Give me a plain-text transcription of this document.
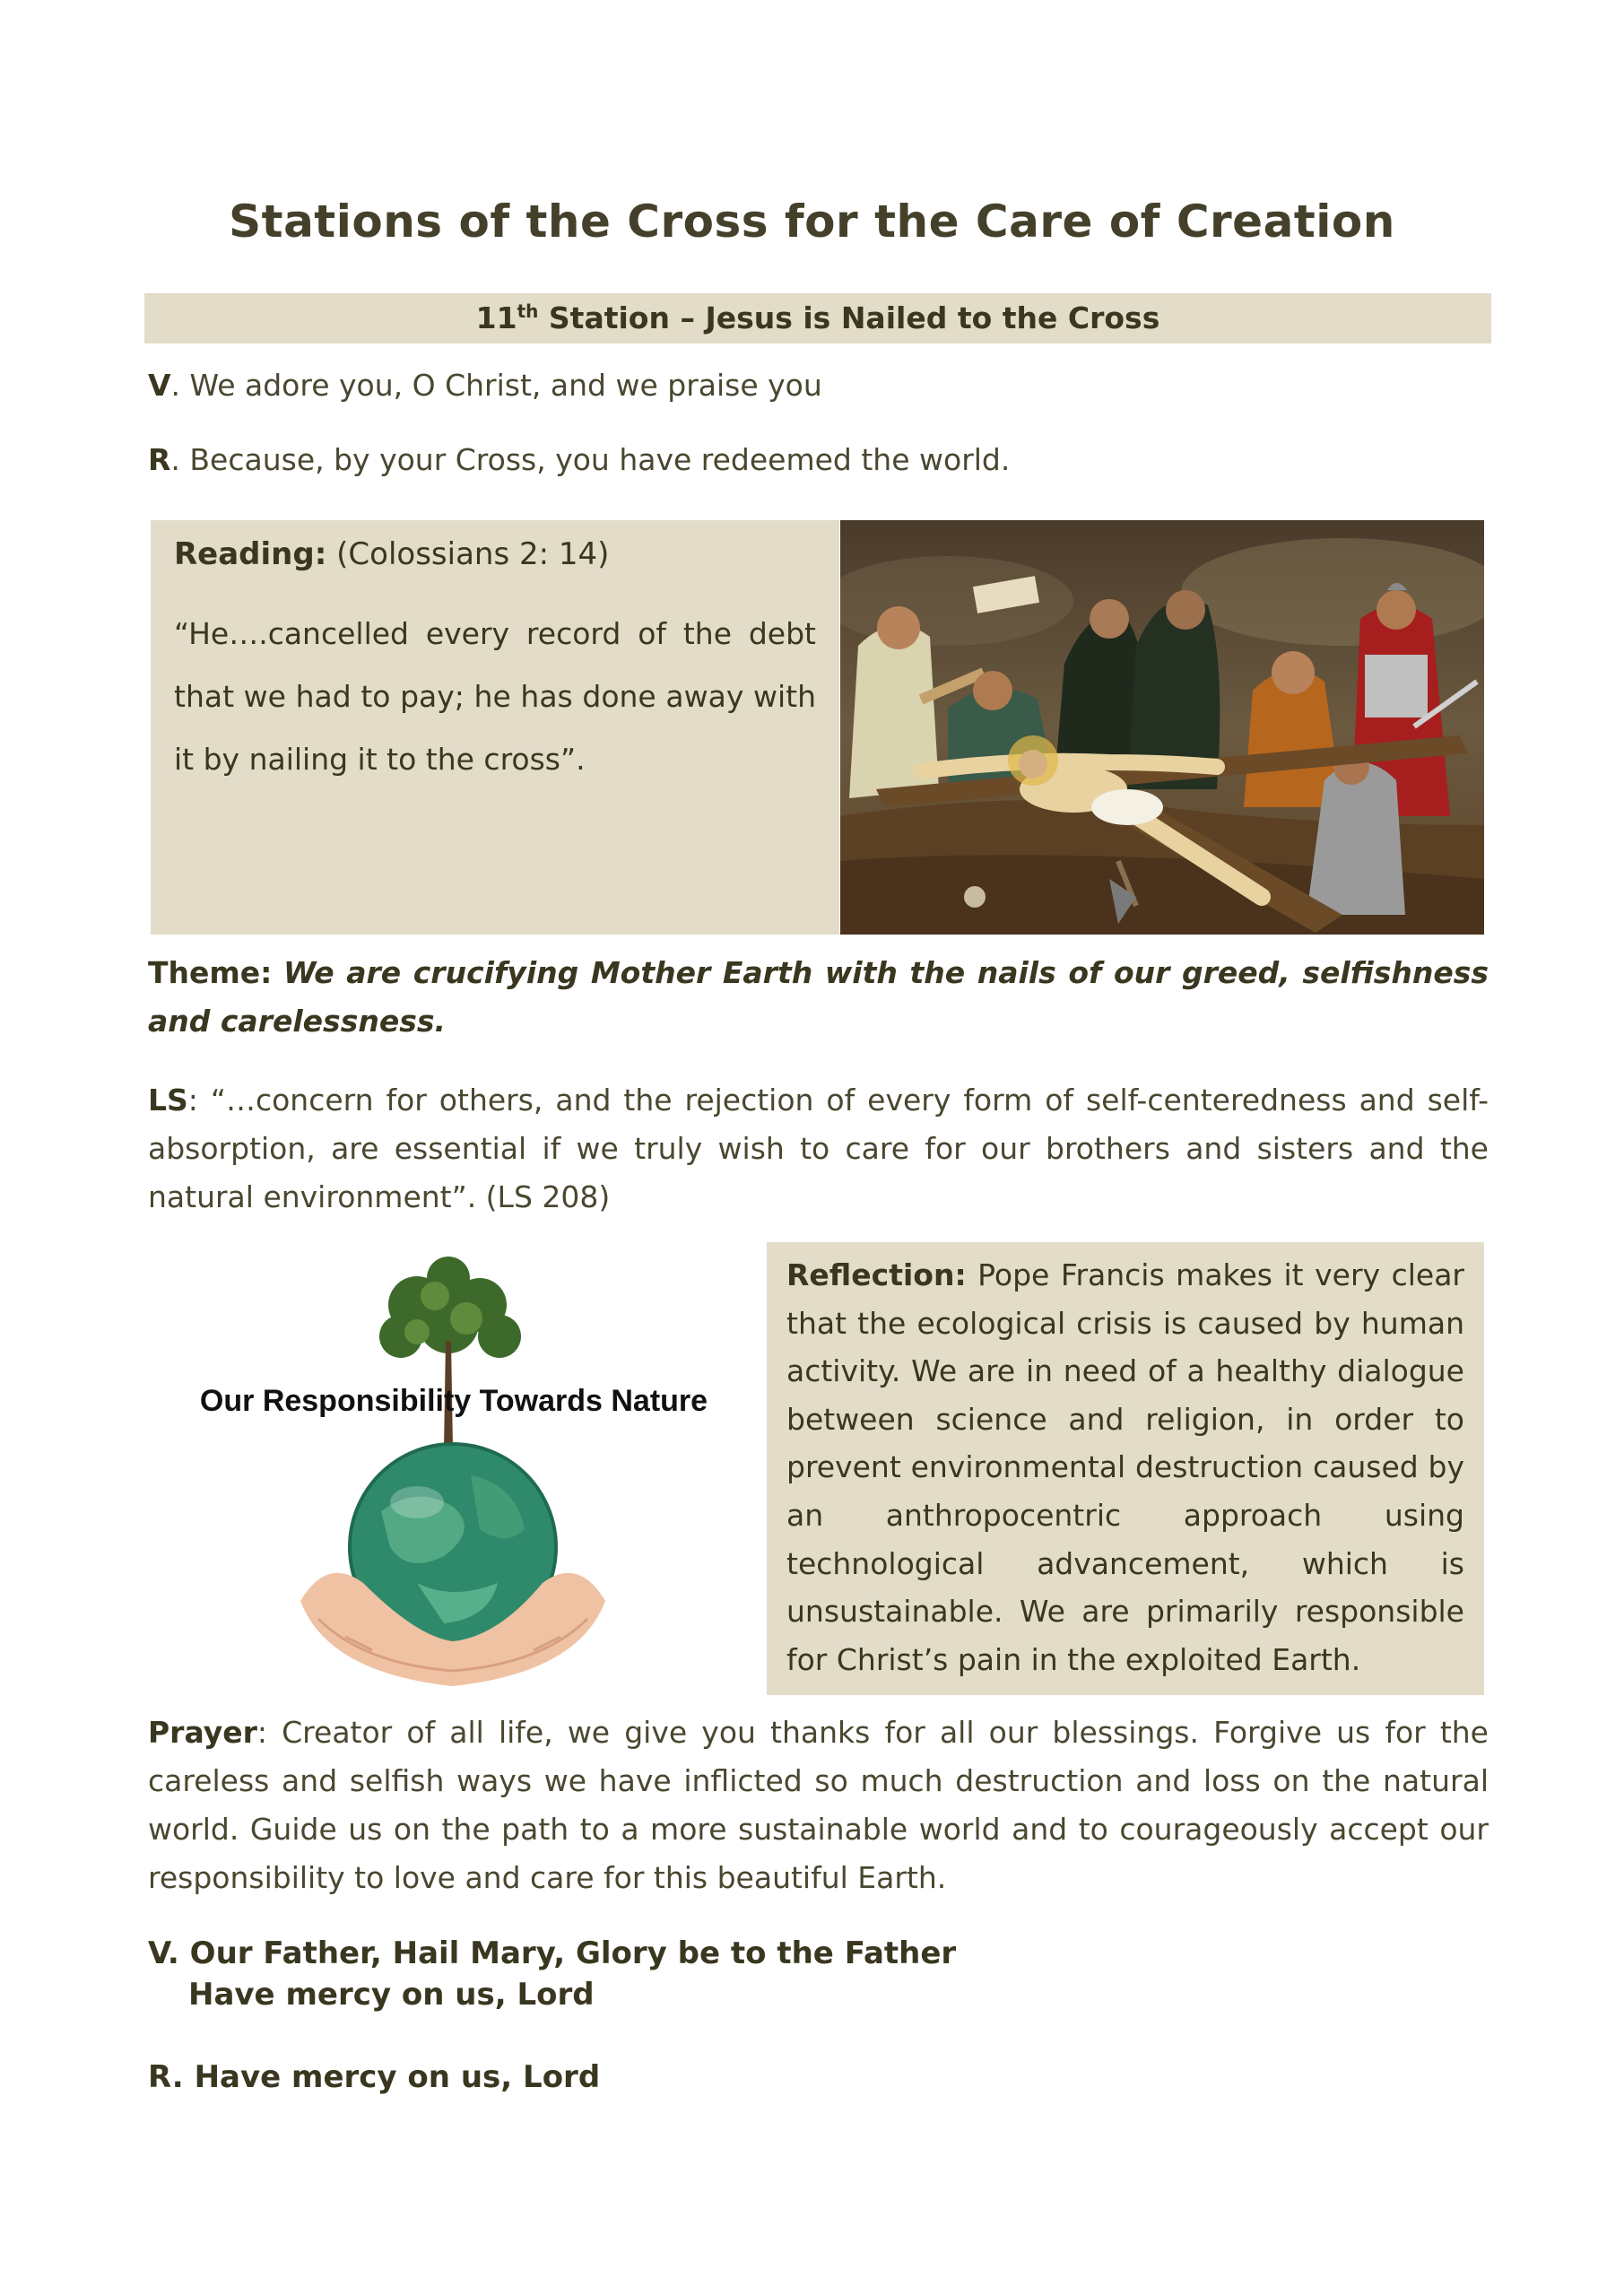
Stations of the Cross for the Care of Creation
11th Station – Jesus is Nailed to the Cross
V. We adore you, O Christ, and we praise you
R. Because, by your Cross, you have redeemed the world.
Reading: (Colossians 2: 14)
“He….cancelled every record of the debt that we had to pay; he has done away with it by nailing it to the cross”.
Theme: We are crucifying Mother Earth with the nails of our greed, selfishness and carelessness.
LS: “…concern for others, and the rejection of every form of self-centeredness and self-absorption, are essential if we truly wish to care for our brothers and sisters and the natural environment”. (LS 208)
Our Responsibility Towards Nature
Reflection: Pope Francis makes it very clear that the ecological crisis is caused by human activity. We are in need of a healthy dialogue between science and religion, in order to prevent environmental destruction caused by an anthropocentric approach using technological advancement, which is unsustainable. We are primarily responsible for Christ’s pain in the exploited Earth.
Prayer: Creator of all life, we give you thanks for all our blessings. Forgive us for the careless and selfish ways we have inflicted so much destruction and loss on the natural world. Guide us on the path to a more sustainable world and to courageously accept our responsibility to love and care for this beautiful Earth.
V. Our Father, Hail Mary, Glory be to the Father
Have mercy on us, Lord
R. Have mercy on us, Lord
